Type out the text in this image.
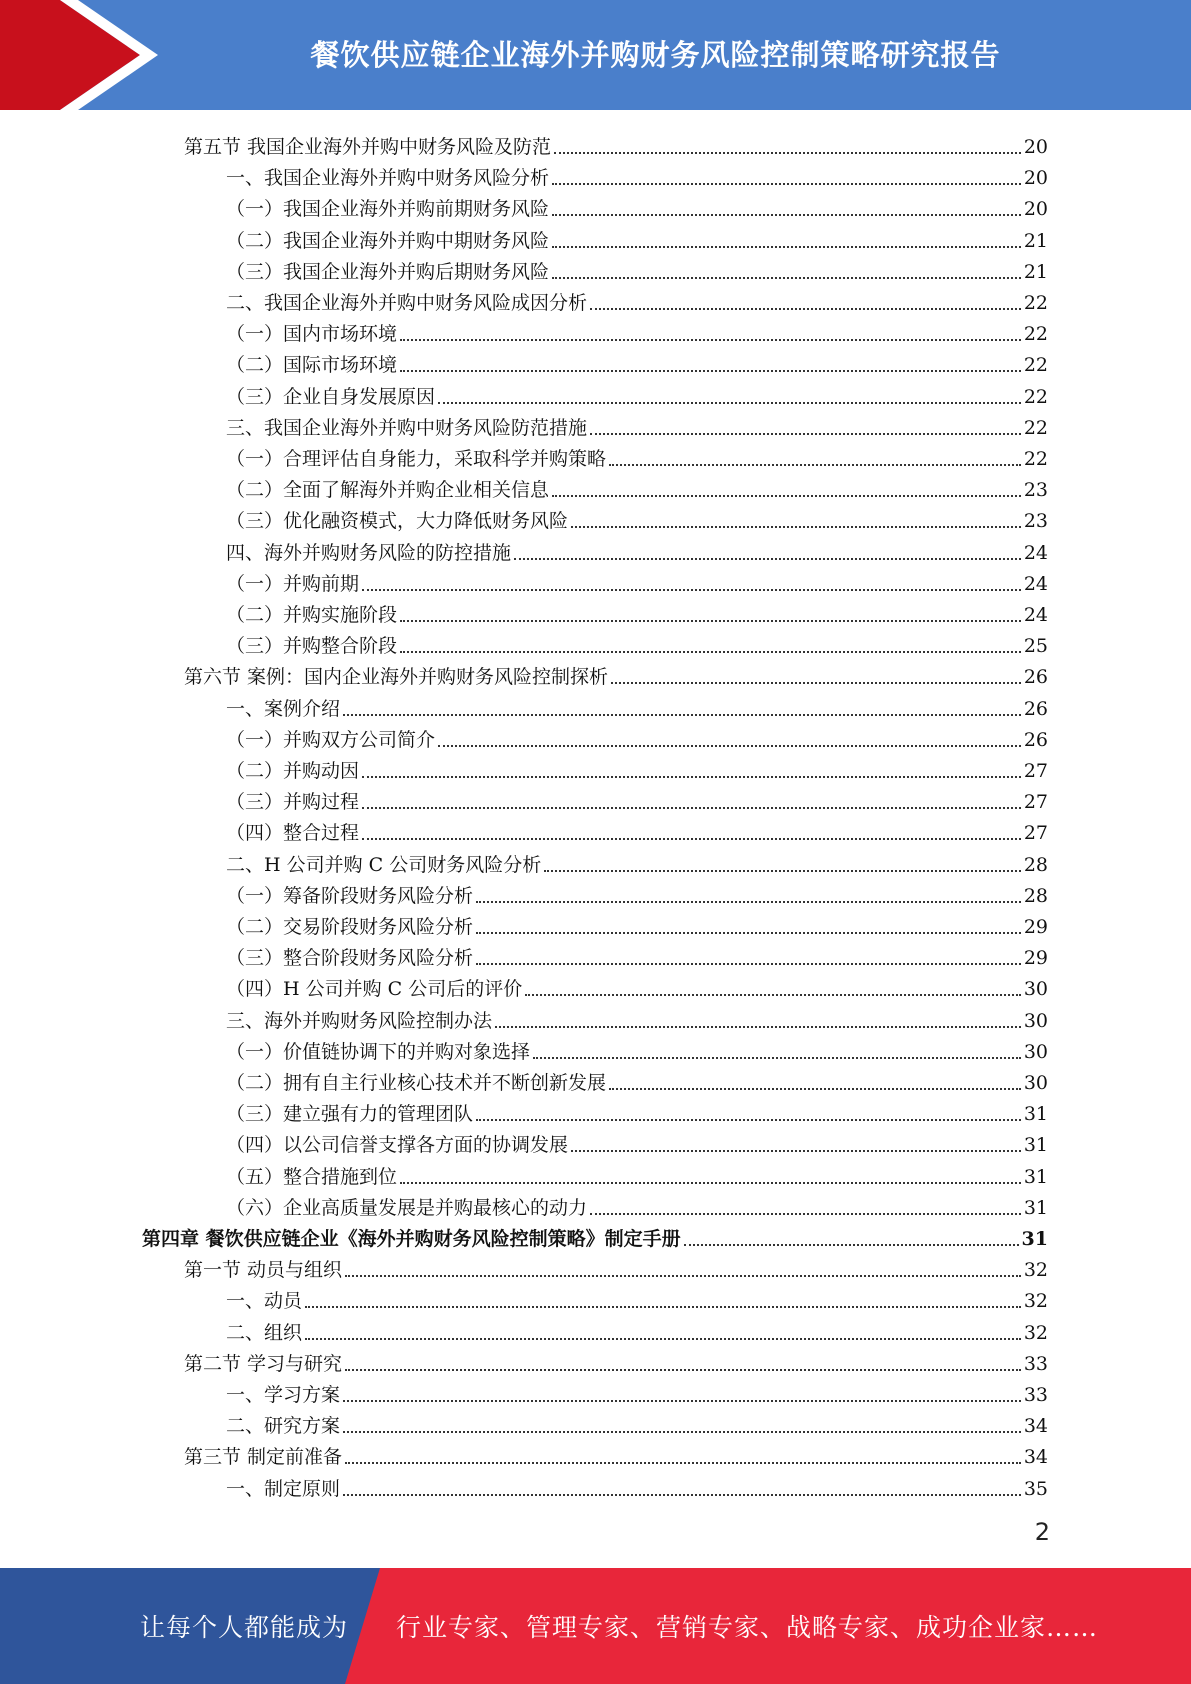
餐饮供应链企业海外并购财务风险控制策略研究报告
第五节 我国企业海外并购中财务风险及防范	20
一、我国企业海外并购中财务风险分析	20
（一）我国企业海外并购前期财务风险	20
（二）我国企业海外并购中期财务风险	21
（三）我国企业海外并购后期财务风险	21
二、我国企业海外并购中财务风险成因分析	22
（一）国内市场环境	22
（二）国际市场环境	22
（三）企业自身发展原因	22
三、我国企业海外并购中财务风险防范措施	22
（一）合理评估自身能力，采取科学并购策略	22
（二）全面了解海外并购企业相关信息	23
（三）优化融资模式，大力降低财务风险	23
四、海外并购财务风险的防控措施	24
（一）并购前期	24
（二）并购实施阶段	24
（三）并购整合阶段	25
第六节 案例：国内企业海外并购财务风险控制探析	26
一、案例介绍	26
（一）并购双方公司简介	26
（二）并购动因	27
（三）并购过程	27
（四）整合过程	27
二、H 公司并购 C 公司财务风险分析	28
（一）筹备阶段财务风险分析	28
（二）交易阶段财务风险分析	29
（三）整合阶段财务风险分析	29
（四）H 公司并购 C 公司后的评价	30
三、海外并购财务风险控制办法	30
（一）价值链协调下的并购对象选择	30
（二）拥有自主行业核心技术并不断创新发展	30
（三）建立强有力的管理团队	31
（四）以公司信誉支撑各方面的协调发展	31
（五）整合措施到位	31
（六）企业高质量发展是并购最核心的动力	31
第四章 餐饮供应链企业《海外并购财务风险控制策略》制定手册	31
第一节 动员与组织	32
一、动员	32
二、组织	32
第二节 学习与研究	33
一、学习方案	33
二、研究方案	34
第三节 制定前准备	34
一、制定原则	35
2
让每个人都能成为 行业专家、管理专家、营销专家、战略专家、成功企业家……
